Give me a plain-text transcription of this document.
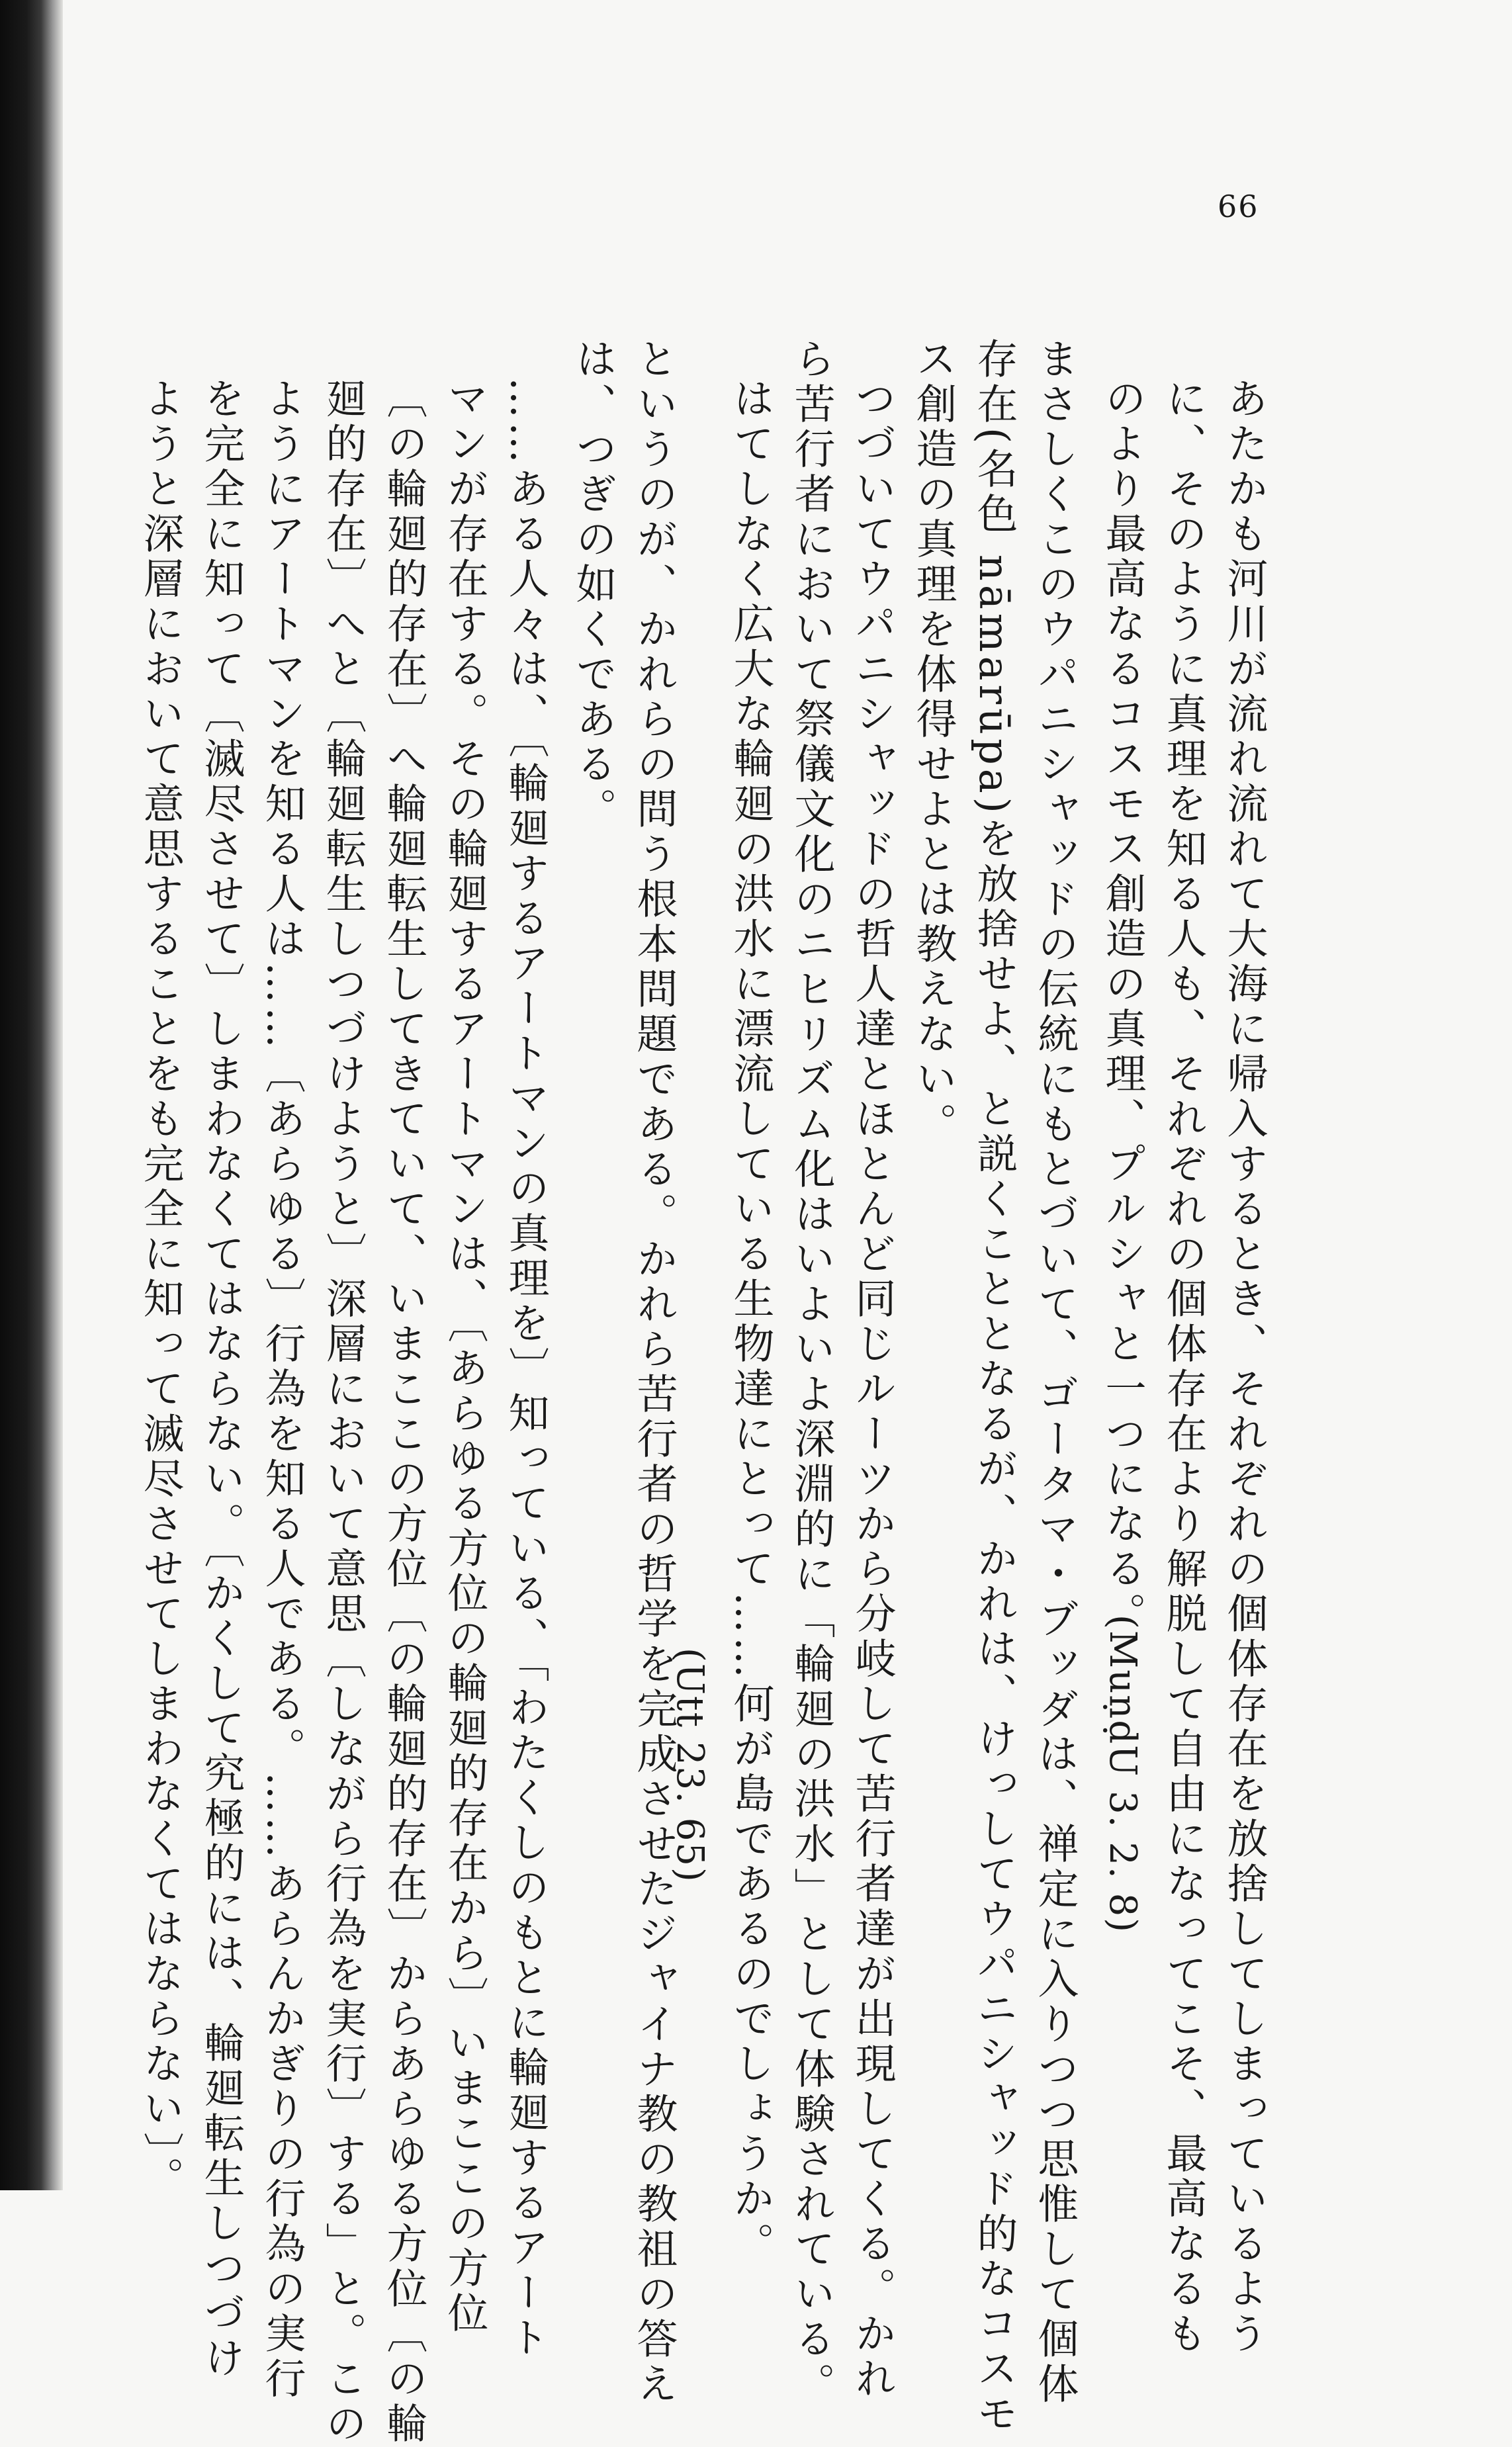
66
あたかも河川が流れ流れて大海に帰入するとき、それぞれの個体存在を放捨してしまっているよう
に、そのように真理を知る人も、それぞれの個体存在より解脱して自由になってこそ、最高なるも
のより最高なるコスモス創造の真理、プルシャと一つになる。
(MuṇḍU 3. 2. 8)
まさしくこのウパニシャッドの伝統にもとづいて、ゴータマ・ブッダは、禅定に入りつつ思惟して個体
存在(名色 nāmarūpa)を放捨せよ、と説くこととなるが、かれは、けっしてウパニシャッド的なコスモ
ス創造の真理を体得せよとは教えない。
つづいてウパニシャッドの哲人達とほとんど同じルーツから分岐して苦行者達が出現してくる。かれ
ら苦行者において祭儀文化のニヒリズム化はいよいよ深淵的に「輪廻の洪水」として体験されている。
はてしなく広大な輪廻の洪水に漂流している生物達にとって……何が島であるのでしょうか。
(Utt 23. 65)
というのが、かれらの問う根本問題である。かれら苦行者の哲学を完成させたジャイナ教の教祖の答え
は、つぎの如くである。
……ある人々は、〔輪廻するアートマンの真理を〕知っている、「わたくしのもとに輪廻するアート
マンが存在する。その輪廻するアートマンは、〔あらゆる方位の輪廻的存在から〕いまここの方位
〔の輪廻的存在〕へ輪廻転生してきていて、いまここの方位〔の輪廻的存在〕からあらゆる方位〔の輪
廻的存在〕へと〔輪廻転生しつづけようと〕深層において意思〔しながら行為を実行〕する」と。この
ようにアートマンを知る人は……〔あらゆる〕行為を知る人である。……あらんかぎりの行為の実行
を完全に知って〔滅尽させて〕しまわなくてはならない。〔かくして究極的には、輪廻転生しつづけ
ようと深層において意思することをも完全に知って滅尽させてしまわなくてはならない〕。
